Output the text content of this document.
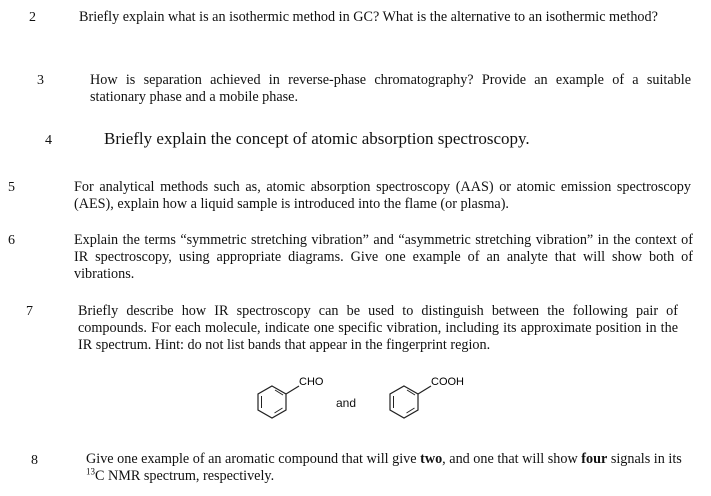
2	Briefly explain what is an isothermic method in GC? What is the alternative to an isothermic method?
3	How is separation achieved in reverse-phase chromatography? Provide an example of a suitable stationary phase and a mobile phase.
4	Briefly explain the concept of atomic absorption spectroscopy.
5	For analytical methods such as, atomic absorption spectroscopy (AAS) or atomic emission spectroscopy (AES), explain how a liquid sample is introduced into the flame (or plasma).
6	Explain the terms “symmetric stretching vibration” and “asymmetric stretching vibration” in the context of IR spectroscopy, using appropriate diagrams. Give one example of an analyte that will show both of vibrations.
7	Briefly describe how IR spectroscopy can be used to distinguish between the following pair of compounds. For each molecule, indicate one specific vibration, including its approximate position in the IR spectrum. Hint: do not list bands that appear in the fingerprint region.
CHO
and
COOH
8	Give one example of an aromatic compound that will give two, and one that will show four signals in its $^{13}$C NMR spectrum, respectively.
